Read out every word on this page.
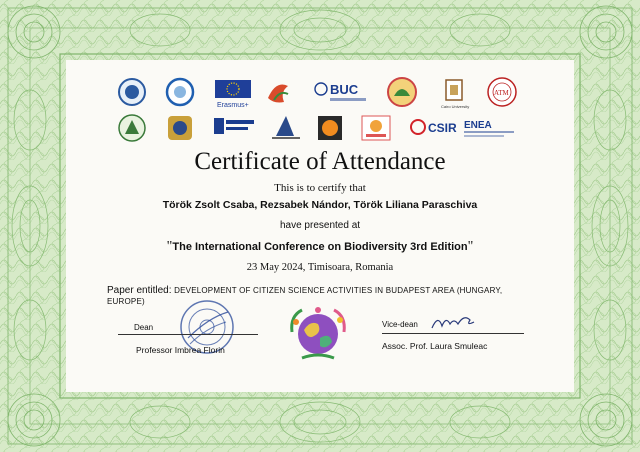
Erasmus+
BUC
Cairo University
ATM
CSIR ENEA
Certificate of Attendance
This is to certify that
Török Zsolt Csaba, Rezsabek Nándor, Török Liliana Paraschiva
have presented at
"The International Conference on Biodiversity 3rd Edition"
23 May 2024, Timisoara, Romania
Paper entitled: DEVELOPMENT OF CITIZEN SCIENCE ACTIVITIES IN BUDAPEST AREA (HUNGARY, EUROPE)
Dean
Professor Imbrea Florin
Vice-dean
Assoc. Prof. Laura Smuleac
